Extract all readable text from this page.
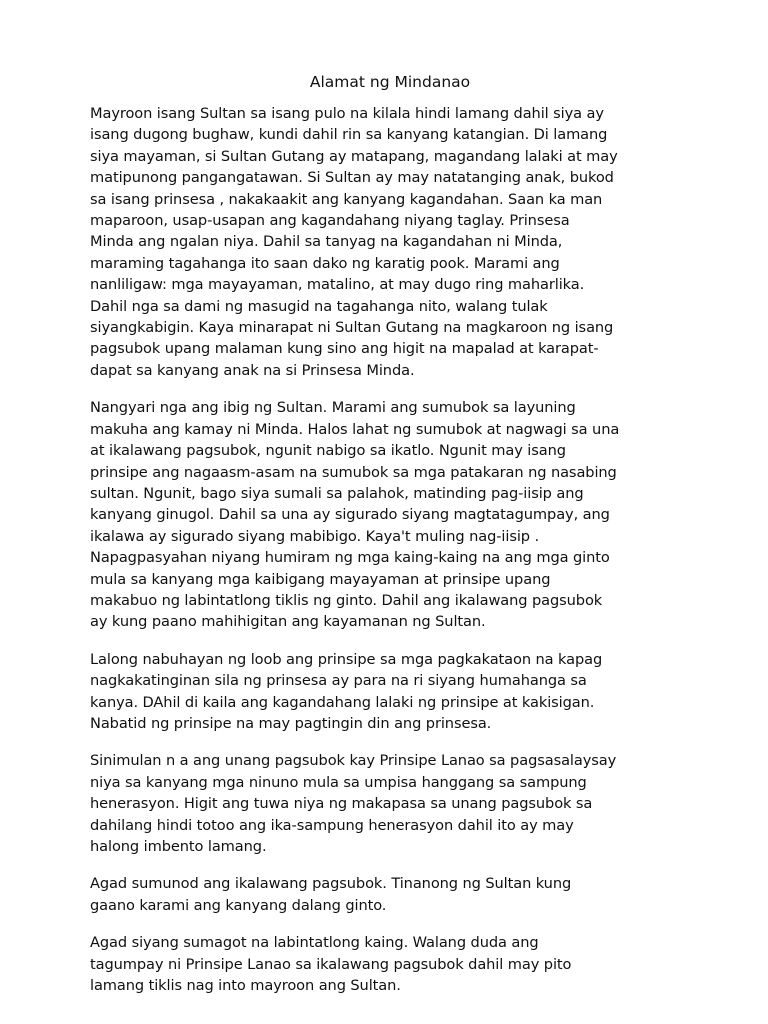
Alamat ng Mindanao

Mayroon isang Sultan sa isang pulo na kilala hindi lamang dahil siya ay
isang dugong bughaw, kundi dahil rin sa kanyang katangian. Di lamang
siya mayaman, si Sultan Gutang ay matapang, magandang lalaki at may
matipunong pangangatawan. Si Sultan ay may natatanging anak, bukod
sa isang prinsesa , nakakaakit ang kanyang kagandahan. Saan ka man
maparoon, usap-usapan ang kagandahang niyang taglay. Prinsesa
Minda ang ngalan niya. Dahil sa tanyag na kagandahan ni Minda,
maraming tagahanga ito saan dako ng karatig pook. Marami ang
nanliligaw: mga mayayaman, matalino, at may dugo ring maharlika.
Dahil nga sa dami ng masugid na tagahanga nito, walang tulak
siyangkabigin. Kaya minarapat ni Sultan Gutang na magkaroon ng isang
pagsubok upang malaman kung sino ang higit na mapalad at karapat-
dapat sa kanyang anak na si Prinsesa Minda.

Nangyari nga ang ibig ng Sultan. Marami ang sumubok sa layuning
makuha ang kamay ni Minda. Halos lahat ng sumubok at nagwagi sa una
at ikalawang pagsubok, ngunit nabigo sa ikatlo. Ngunit may isang
prinsipe ang nagaasm-asam na sumubok sa mga patakaran ng nasabing
sultan. Ngunit, bago siya sumali sa palahok, matinding pag-iisip ang
kanyang ginugol. Dahil sa una ay sigurado siyang magtatagumpay, ang
ikalawa ay sigurado siyang mabibigo. Kaya't muling nag-iisip .
Napagpasyahan niyang humiram ng mga kaing-kaing na ang mga ginto
mula sa kanyang mga kaibigang mayayaman at prinsipe upang
makabuo ng labintatlong tiklis ng ginto. Dahil ang ikalawang pagsubok
ay kung paano mahihigitan ang kayamanan ng Sultan.

Lalong nabuhayan ng loob ang prinsipe sa mga pagkakataon na kapag
nagkakatinginan sila ng prinsesa ay para na ri siyang humahanga sa
kanya. DAhil di kaila ang kagandahang lalaki ng prinsipe at kakisigan.
Nabatid ng prinsipe na may pagtingin din ang prinsesa.

Sinimulan n a ang unang pagsubok kay Prinsipe Lanao sa pagsasalaysay
niya sa kanyang mga ninuno mula sa umpisa hanggang sa sampung
henerasyon. Higit ang tuwa niya ng makapasa sa unang pagsubok sa
dahilang hindi totoo ang ika-sampung henerasyon dahil ito ay may
halong imbento lamang.

Agad sumunod ang ikalawang pagsubok. Tinanong ng Sultan kung
gaano karami ang kanyang dalang ginto.

Agad siyang sumagot na labintatlong kaing. Walang duda ang
tagumpay ni Prinsipe Lanao sa ikalawang pagsubok dahil may pito
lamang tiklis nag into mayroon ang Sultan.
